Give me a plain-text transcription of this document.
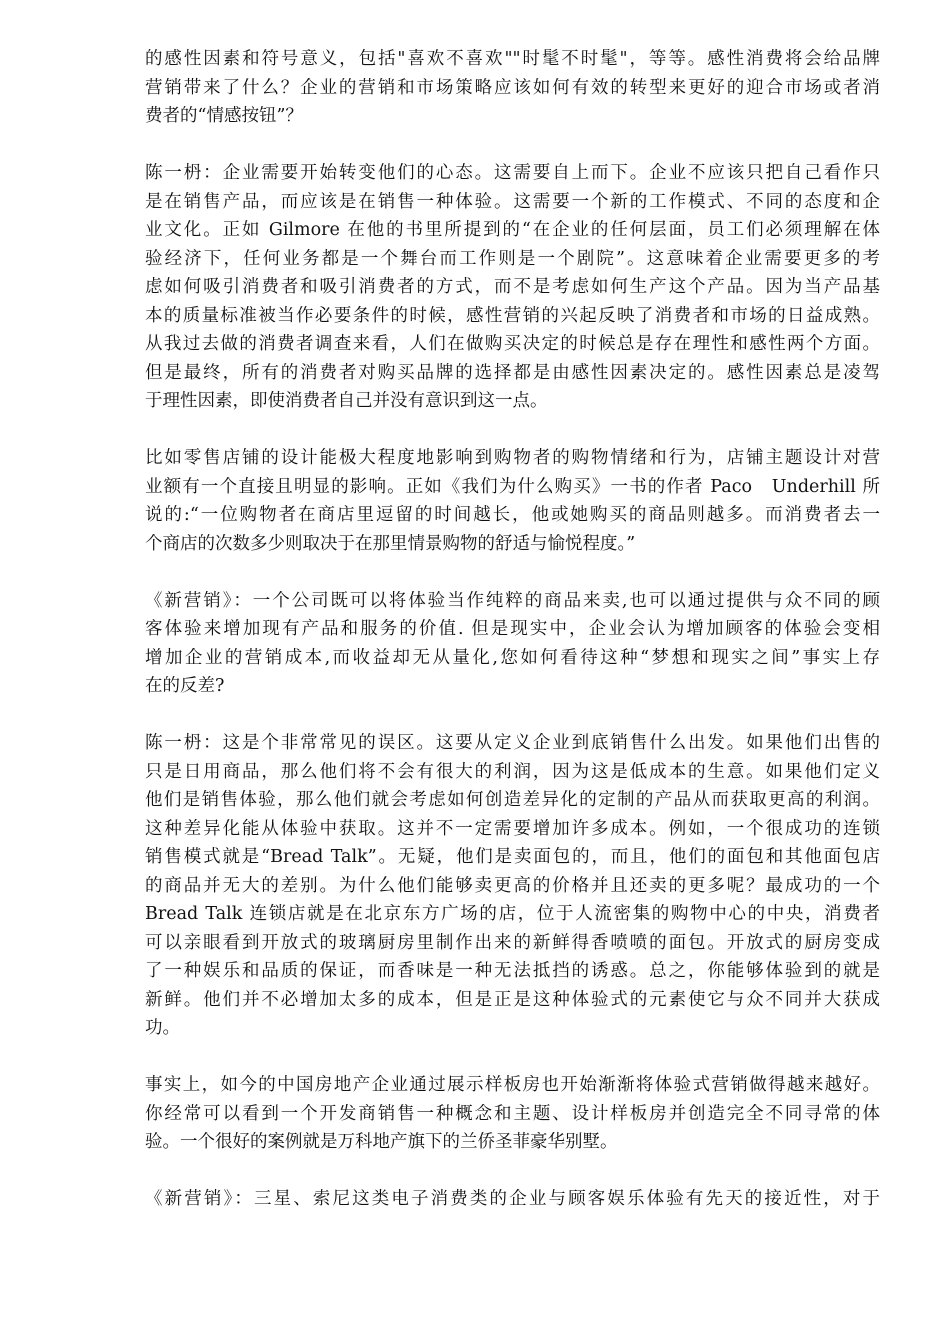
的感性因素和符号意义，包括"喜欢不喜欢""时髦不时髦"，等等。感性消费将会给品牌
营销带来了什么？企业的营销和市场策略应该如何有效的转型来更好的迎合市场或者消
费者的“情感按钮”？
陈一枬：企业需要开始转变他们的心态。这需要自上而下。企业不应该只把自己看作只
是在销售产品，而应该是在销售一种体验。这需要一个新的工作模式、不同的态度和企
业文化。正如 Gilmore 在他的书里所提到的“在企业的任何层面，员工们必须理解在体
验经济下，任何业务都是一个舞台而工作则是一个剧院”。这意味着企业需要更多的考
虑如何吸引消费者和吸引消费者的方式，而不是考虑如何生产这个产品。因为当产品基
本的质量标准被当作必要条件的时候，感性营销的兴起反映了消费者和市场的日益成熟。
从我过去做的消费者调查来看，人们在做购买决定的时候总是存在理性和感性两个方面。
但是最终，所有的消费者对购买品牌的选择都是由感性因素决定的。感性因素总是凌驾
于理性因素，即使消费者自己并没有意识到这一点。
比如零售店铺的设计能极大程度地影响到购物者的购物情绪和行为，店铺主题设计对营
业额有一个直接且明显的影响。正如《我们为什么购买》一书的作者 Paco　Underhill 所
说的:“一位购物者在商店里逗留的时间越长，他或她购买的商品则越多。而消费者去一
个商店的次数多少则取决于在那里情景购物的舒适与愉悦程度。”
《新营销》：一个公司既可以将体验当作纯粹的商品来卖,也可以通过提供与众不同的顾
客体验来增加现有产品和服务的价值. 但是现实中，企业会认为增加顾客的体验会变相
增加企业的营销成本,而收益却无从量化,您如何看待这种“梦想和现实之间”事实上存
在的反差?
陈一枬：这是个非常常见的误区。这要从定义企业到底销售什么出发。如果他们出售的
只是日用商品，那么他们将不会有很大的利润，因为这是低成本的生意。如果他们定义
他们是销售体验，那么他们就会考虑如何创造差异化的定制的产品从而获取更高的利润。
这种差异化能从体验中获取。这并不一定需要增加许多成本。例如，一个很成功的连锁
销售模式就是“Bread Talk”。无疑，他们是卖面包的，而且，他们的面包和其他面包店
的商品并无大的差别。为什么他们能够卖更高的价格并且还卖的更多呢？最成功的一个
Bread Talk 连锁店就是在北京东方广场的店，位于人流密集的购物中心的中央，消费者
可以亲眼看到开放式的玻璃厨房里制作出来的新鲜得香喷喷的面包。开放式的厨房变成
了一种娱乐和品质的保证，而香味是一种无法抵挡的诱惑。总之，你能够体验到的就是
新鲜。他们并不必增加太多的成本，但是正是这种体验式的元素使它与众不同并大获成
功。
事实上，如今的中国房地产企业通过展示样板房也开始渐渐将体验式营销做得越来越好。
你经常可以看到一个开发商销售一种概念和主题、设计样板房并创造完全不同寻常的体
验。一个很好的案例就是万科地产旗下的兰侨圣菲豪华别墅。
《新营销》：三星、索尼这类电子消费类的企业与顾客娱乐体验有先天的接近性，对于
